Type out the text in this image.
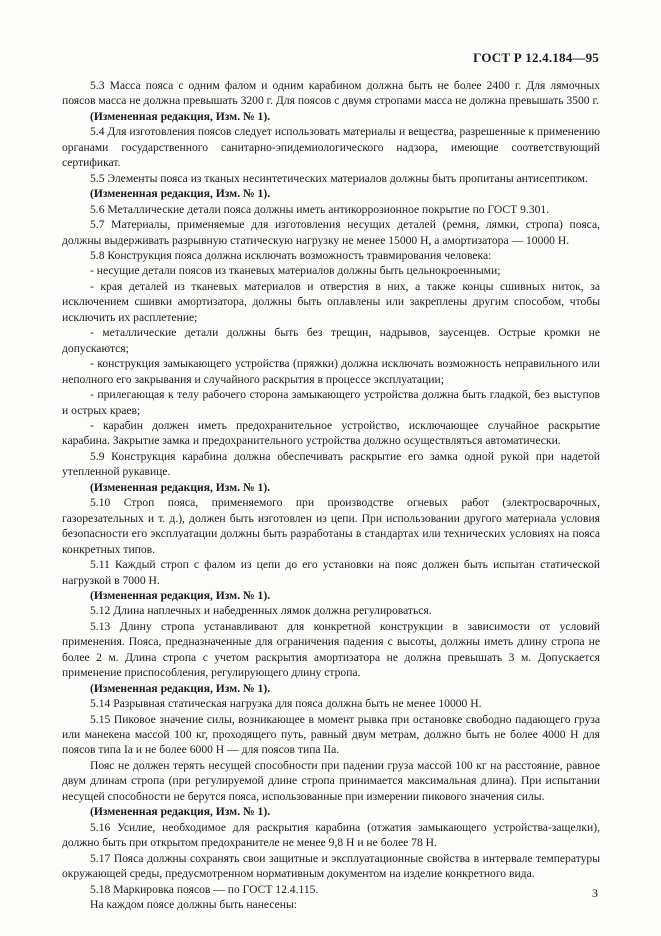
ГОСТ Р 12.4.184—95

5.3 Масса пояса с одним фалом и одним карабином должна быть не более 2400 г. Для лямочных поясов масса не должна превышать 3200 г. Для поясов с двумя стропами масса не должна превышать 3500 г.

(Измененная редакция, Изм. № 1).

5.4 Для изготовления поясов следует использовать материалы и вещества, разрешенные к применению органами государственного санитарно-эпидемиологического надзора, имеющие соответствующий сертификат.

5.5 Элементы пояса из тканых несинтетических материалов должны быть пропитаны антисептиком.

(Измененная редакция, Изм. № 1).

5.6 Металлические детали пояса должны иметь антикоррозионное покрытие по ГОСТ 9.301.

5.7 Материалы, применяемые для изготовления несущих деталей (ремня, лямки, стропа) пояса, должны выдерживать разрывную статическую нагрузку не менее 15000 Н, а амортизатора — 10000 Н.

5.8 Конструкция пояса должна исключать возможность травмирования человека:

- несущие детали поясов из тканевых материалов должны быть цельнокроенными;

- края деталей из тканевых материалов и отверстия в них, а также концы сшивных ниток, за исключением сшивки амортизатора, должны быть оплавлены или закреплены другим способом, чтобы исключить их расплетение;

- металлические детали должны быть без трещин, надрывов, заусенцев. Острые кромки не допускаются;

- конструкция замыкающего устройства (пряжки) должна исключать возможность неправильного или неполного его закрывания и случайного раскрытия в процессе эксплуатации;

- прилегающая к телу рабочего сторона замыкающего устройства должна быть гладкой, без выступов и острых краев;

- карабин должен иметь предохранительное устройство, исключающее случайное раскрытие карабина. Закрытие замка и предохранительного устройства должно осуществляться автоматически.

5.9 Конструкция карабина должна обеспечивать раскрытие его замка одной рукой при надетой утепленной рукавице.

(Измененная редакция, Изм. № 1).

5.10 Строп пояса, применяемого при производстве огневых работ (электросварочных, газорезательных и т. д.), должен быть изготовлен из цепи. При использовании другого материала условия безопасности его эксплуатации должны быть разработаны в стандартах или технических условиях на пояса конкретных типов.

5.11 Каждый строп с фалом из цепи до его установки на пояс должен быть испытан статической нагрузкой в 7000 Н.

(Измененная редакция, Изм. № 1).

5.12 Длина наплечных и набедренных лямок должна регулироваться.

5.13 Длину стропа устанавливают для конкретной конструкции в зависимости от условий применения. Пояса, предназначенные для ограничения падения с высоты, должны иметь длину стропа не более 2 м. Длина стропа с учетом раскрытия амортизатора не должна превышать 3 м. Допускается применение приспособления, регулирующего длину стропа.

(Измененная редакция, Изм. № 1).

5.14 Разрывная статическая нагрузка для пояса должна быть не менее 10000 Н.

5.15 Пиковое значение силы, возникающее в момент рывка при остановке свободно падающего груза или манекена массой 100 кг, проходящего путь, равный двум метрам, должно быть не более 4000 Н для поясов типа Iа и не более 6000 Н — для поясов типа IIа.

Пояс не должен терять несущей способности при падении груза массой 100 кг на расстояние, равное двум длинам стропа (при регулируемой длине стропа принимается максимальная длина). При испытании несущей способности не берутся пояса, использованные при измерении пикового значения силы.

(Измененная редакция, Изм. № 1).

5.16 Усилие, необходимое для раскрытия карабина (отжатия замыкающего устройства-защелки), должно быть при открытом предохранителе не менее 9,8 Н и не более 78 Н.

5.17 Пояса должны сохранять свои защитные и эксплуатационные свойства в интервале температуры окружающей среды, предусмотренном нормативным документом на изделие конкретного вида.

5.18 Маркировка поясов — по ГОСТ 12.4.115.

На каждом поясе должны быть нанесены:

3
